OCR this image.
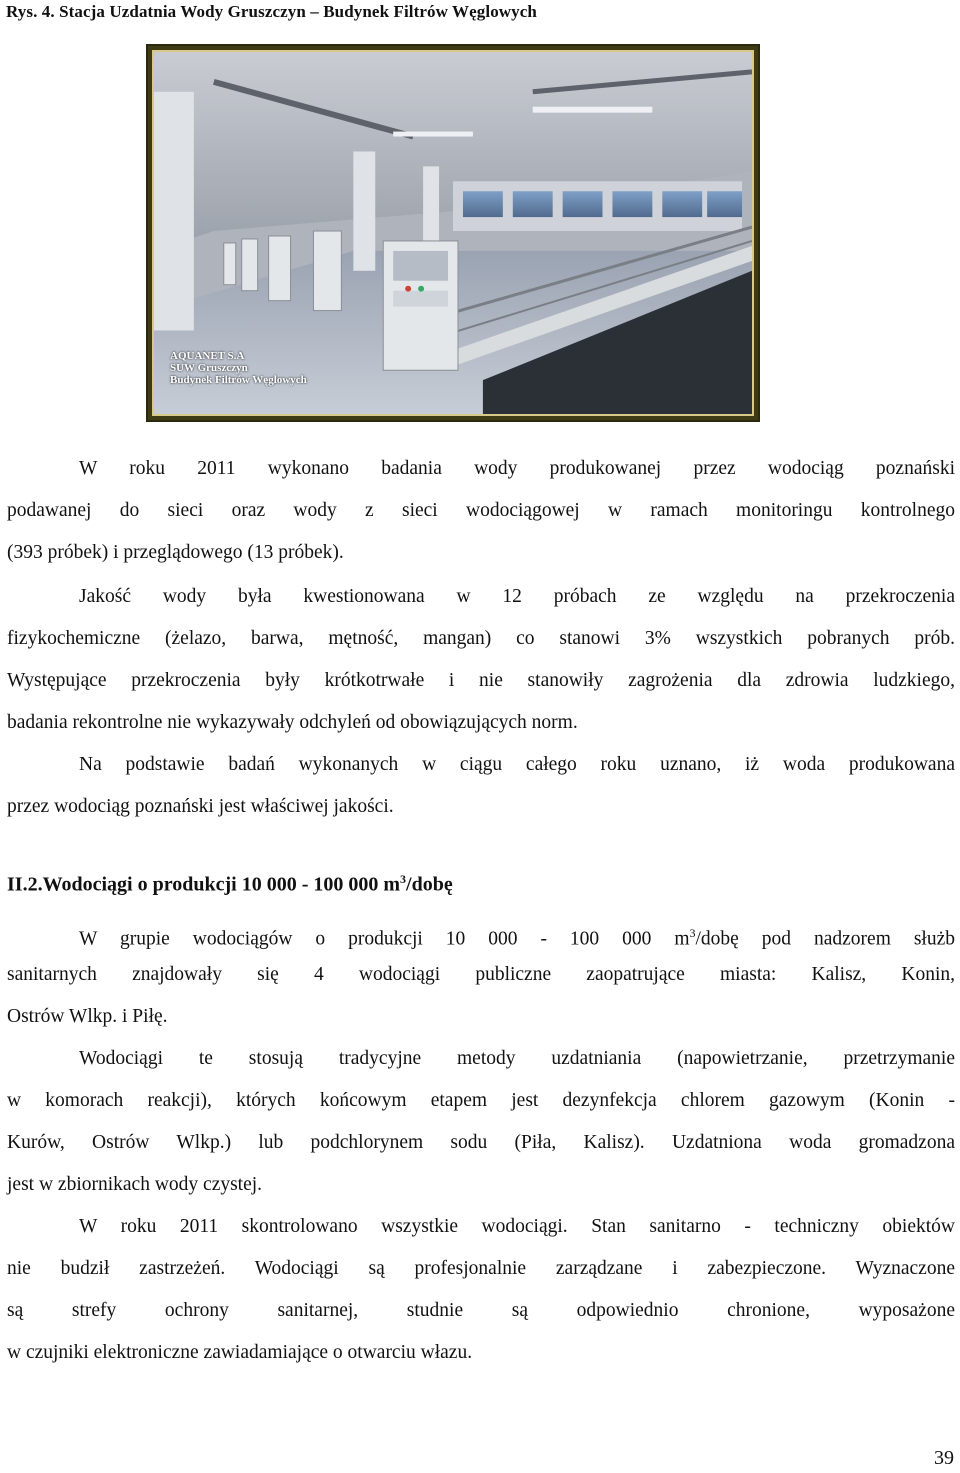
Rys. 4. Stacja Uzdatnia Wody Gruszczyn – Budynek Filtrów Węglowych
AQUANET S.A
SUW Gruszczyn
Budynek Filtrów Węglowych
W roku 2011 wykonano badania wody produkowanej przez wodociąg poznański
podawanej do sieci oraz wody z sieci wodociągowej w ramach monitoringu kontrolnego
(393 próbek) i przeglądowego (13 próbek).
Jakość wody była kwestionowana w 12 próbach ze względu na przekroczenia
fizykochemiczne (żelazo, barwa, mętność, mangan) co stanowi 3% wszystkich pobranych prób.
Występujące przekroczenia były krótkotrwałe i nie stanowiły zagrożenia dla zdrowia ludzkiego,
badania rekontrolne nie wykazywały odchyleń od obowiązujących norm.
Na podstawie badań wykonanych w ciągu całego roku uznano, iż woda produkowana
przez wodociąg poznański jest właściwej jakości.
II.2.Wodociągi o produkcji 10 000 - 100 000 $m^3$/dobę
W grupie wodociągów o produkcji 10 000 - 100 000 $m^3$/dobę pod nadzorem służb
sanitarnych znajdowały się 4 wodociągi publiczne zaopatrujące miasta: Kalisz, Konin,
Ostrów Wlkp. i Piłę.
Wodociągi te stosują tradycyjne metody uzdatniania (napowietrzanie, przetrzymanie
w komorach reakcji), których końcowym etapem jest dezynfekcja chlorem gazowym (Konin -
Kurów, Ostrów Wlkp.) lub podchlorynem sodu (Piła, Kalisz). Uzdatniona woda gromadzona
jest w zbiornikach wody czystej.
W roku 2011 skontrolowano wszystkie wodociągi. Stan sanitarno - techniczny obiektów
nie budził zastrzeżeń. Wodociągi są profesjonalnie zarządzane i zabezpieczone. Wyznaczone
są strefy ochrony sanitarnej, studnie są odpowiednio chronione, wyposażone
w czujniki elektroniczne zawiadamiające o otwarciu włazu.
39
